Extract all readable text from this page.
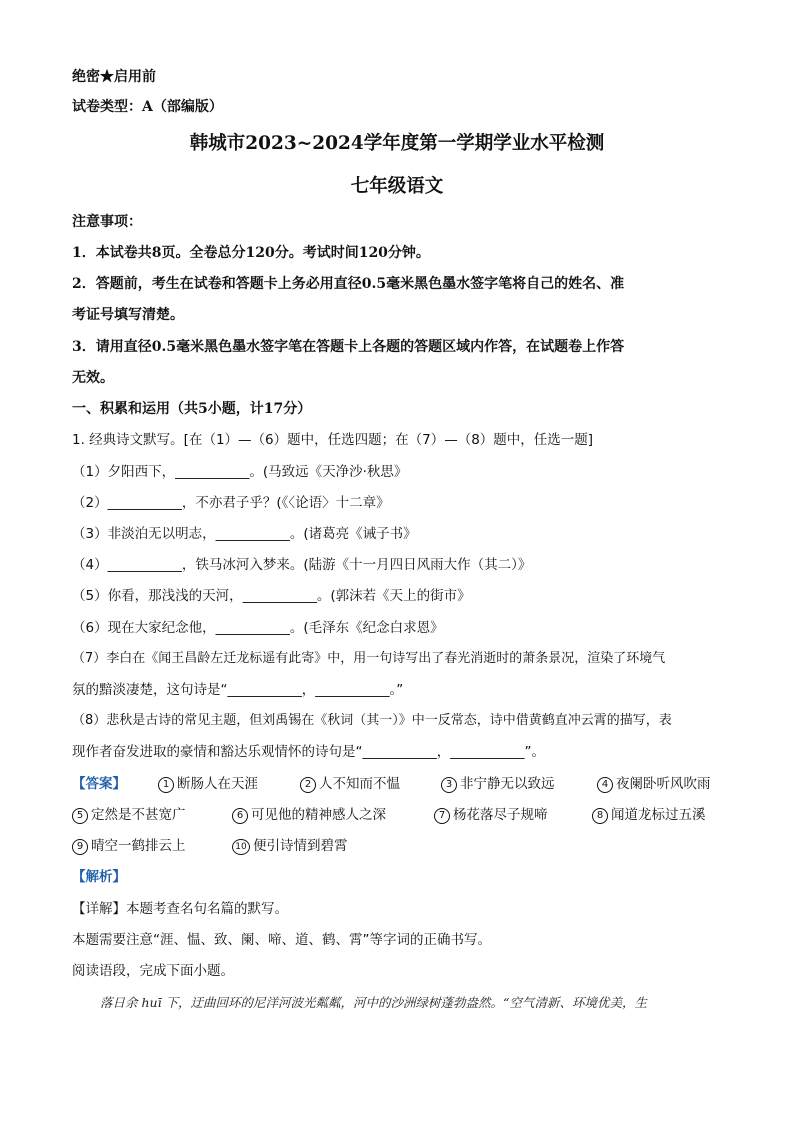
绝密★启用前
试卷类型：A（部编版）
韩城市2023~2024学年度第一学期学业水平检测
七年级语文
注意事项：
1．本试卷共8页。全卷总分120分。考试时间120分钟。
2．答题前，考生在试卷和答题卡上务必用直径0.5毫米黑色墨水签字笔将自己的姓名、准
考证号填写清楚。
3．请用直径0.5毫米黑色墨水签字笔在答题卡上各题的答题区域内作答，在试题卷上作答
无效。
一、积累和运用（共5小题，计17分）
1. 经典诗文默写。[在（1）—（6）题中，任选四题；在（7）—（8）题中，任选一题]
（1）夕阳西下，___________。(马致远《天净沙·秋思》
（2）___________，不亦君子乎？(《〈论语〉十二章》
（3）非淡泊无以明志，___________。(诸葛亮《诫子书》
（4）___________，铁马冰河入梦来。(陆游《十一月四日风雨大作（其二）》
（5）你看，那浅浅的天河，___________。(郭沫若《天上的街市》
（6）现在大家纪念他，___________。(毛泽东《纪念白求恩》
（7）李白在《闻王昌龄左迁龙标遥有此寄》中，用一句诗写出了春光消逝时的萧条景况，渲染了环境气
氛的黯淡凄楚，这句诗是“___________，___________。”
（8）悲秋是古诗的常见主题，但刘禹锡在《秋词（其一）》中一反常态，诗中借黄鹤直冲云霄的描写，表
现作者奋发进取的豪情和豁达乐观情怀的诗句是“___________，___________”。
【答案】	1 断肠人在天涯	2 人不知而不愠	3 非宁静无以致远	4 夜阑卧听风吹雨
5 定然是不甚宽广	6 可见他的精神感人之深	7 杨花落尽子规啼	8 闻道龙标过五溪
9 晴空一鹤排云上	10 便引诗情到碧霄
【解析】
【详解】本题考查名句名篇的默写。
本题需要注意“涯、愠、致、阑、啼、道、鹤、霄”等字词的正确书写。
阅读语段，完成下面小题。
落日余 huī 下，迂曲回环的尼洋河波光粼粼，河中的沙洲绿树蓬勃盎然。“空气清新、环境优美，生
